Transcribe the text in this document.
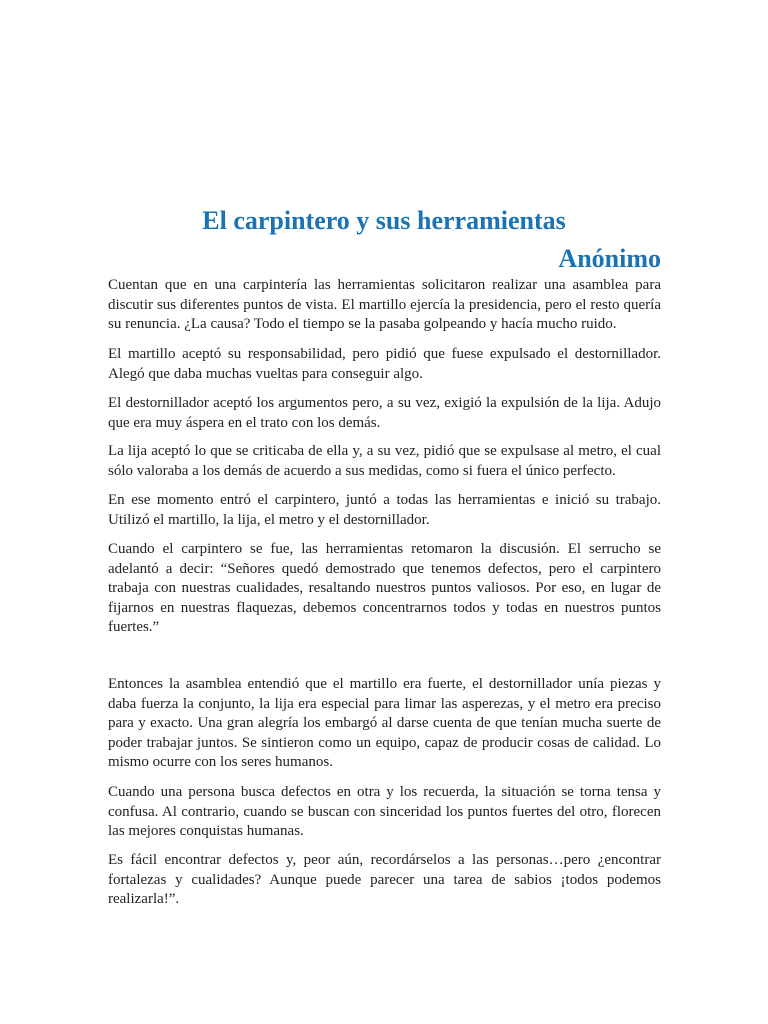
El carpintero y sus herramientas
Anónimo

Cuentan que en una carpintería las herramientas solicitaron realizar una asamblea para discutir sus diferentes puntos de vista. El martillo ejercía la presidencia, pero el resto quería su renuncia. ¿La causa? Todo el tiempo se la pasaba golpeando y hacía mucho ruido.

El martillo aceptó su responsabilidad, pero pidió que fuese expulsado el destornillador. Alegó que daba muchas vueltas para conseguir algo.

El destornillador aceptó los argumentos pero, a su vez, exigió la expulsión de la lija. Adujo que era muy áspera en el trato con los demás.

La lija aceptó lo que se criticaba de ella y, a su vez, pidió que se expulsase al metro, el cual sólo valoraba a los demás de acuerdo a sus medidas, como si fuera el único perfecto.

En ese momento entró el carpintero, juntó a todas las herramientas e inició su trabajo. Utilizó el martillo, la lija, el metro y el destornillador.

Cuando el carpintero se fue, las herramientas retomaron la discusión. El serrucho se adelantó a decir: “Señores quedó demostrado que tenemos defectos, pero el carpintero trabaja con nuestras cualidades, resaltando nuestros puntos valiosos. Por eso, en lugar de fijarnos en nuestras flaquezas, debemos concentrarnos todos y todas en nuestros puntos fuertes.”

Entonces la asamblea entendió que el martillo era fuerte, el destornillador unía piezas y daba fuerza la conjunto, la lija era especial para limar las asperezas, y el metro era preciso para y exacto. Una gran alegría los embargó al darse cuenta de que tenían mucha suerte de poder trabajar juntos. Se sintieron como un equipo, capaz de producir cosas de calidad. Lo mismo ocurre con los seres humanos.

Cuando una persona busca defectos en otra y los recuerda, la situación se torna tensa y confusa. Al contrario, cuando se buscan con sinceridad los puntos fuertes del otro, florecen las mejores conquistas humanas.

Es fácil encontrar defectos y, peor aún, recordárselos a las personas…pero ¿encontrar fortalezas y cualidades? Aunque puede parecer una tarea de sabios ¡todos podemos realizarla!”.
